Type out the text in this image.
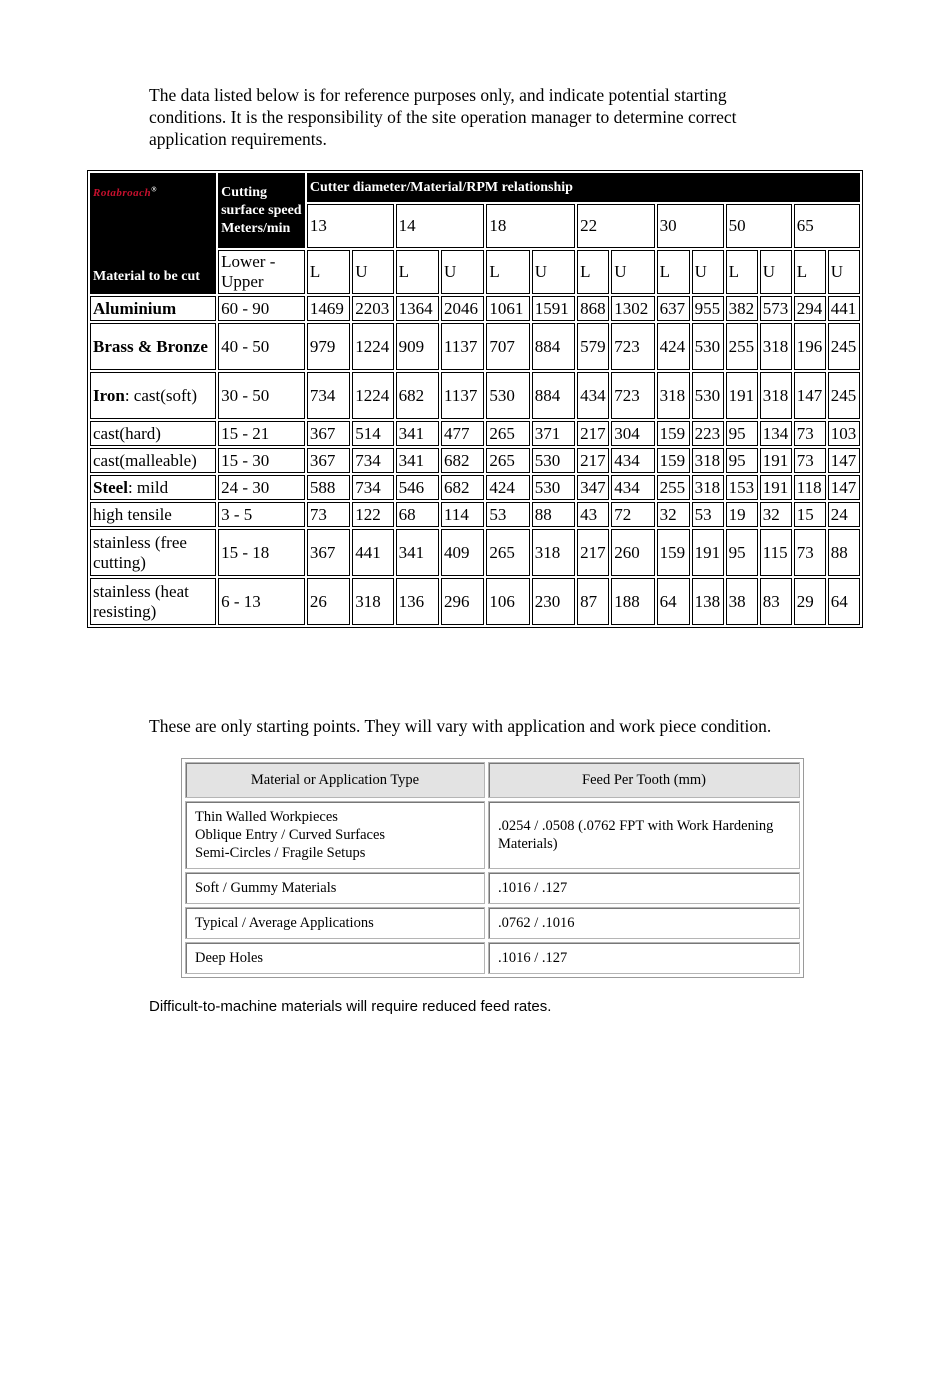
The data listed below is for reference purposes only, and indicate potential starting

conditions. It is the responsibility of the site operation manager to determine correct

application requirements.

Rotabroach®
Material to be cut	Cutting surface speed Meters/min	Cutter diameter/Material/RPM relationship													
		13		14		18		22		30		50		65	
	Lower - Upper	L	U	L	U	L	U	L	U	L	U	L	U	L	U
Aluminium	60 - 90	1469	2203	1364	2046	1061	1591	868	1302	637	955	382	573	294	441
Brass & Bronze	40 - 50	979	1224	909	1137	707	884	579	723	424	530	255	318	196	245
Iron: cast(soft)	30 - 50	734	1224	682	1137	530	884	434	723	318	530	191	318	147	245
cast(hard)	15 - 21	367	514	341	477	265	371	217	304	159	223	95	134	73	103
cast(malleable)	15 - 30	367	734	341	682	265	530	217	434	159	318	95	191	73	147
Steel: mild	24 - 30	588	734	546	682	424	530	347	434	255	318	153	191	118	147
high tensile	3 - 5	73	122	68	114	53	88	43	72	32	53	19	32	15	24
stainless (free cutting)	15 - 18	367	441	341	409	265	318	217	260	159	191	95	115	73	88
stainless (heat resisting)	6 - 13	26	318	136	296	106	230	87	188	64	138	38	83	29	64
These are only starting points. They will vary with application and work piece condition.
Material or Application Type	Feed Per Tooth (mm)

Thin Walled Workpieces
Oblique Entry / Curved Surfaces
Semi-Circles / Fragile Setups	.0254 / .0508 (.0762 FPT with Work Hardening Materials)

Soft / Gummy Materials	.1016 / .127

Typical / Average Applications	.0762 / .1016

Deep Holes	.1016 / .127
Difficult-to-machine materials will require reduced feed rates.
